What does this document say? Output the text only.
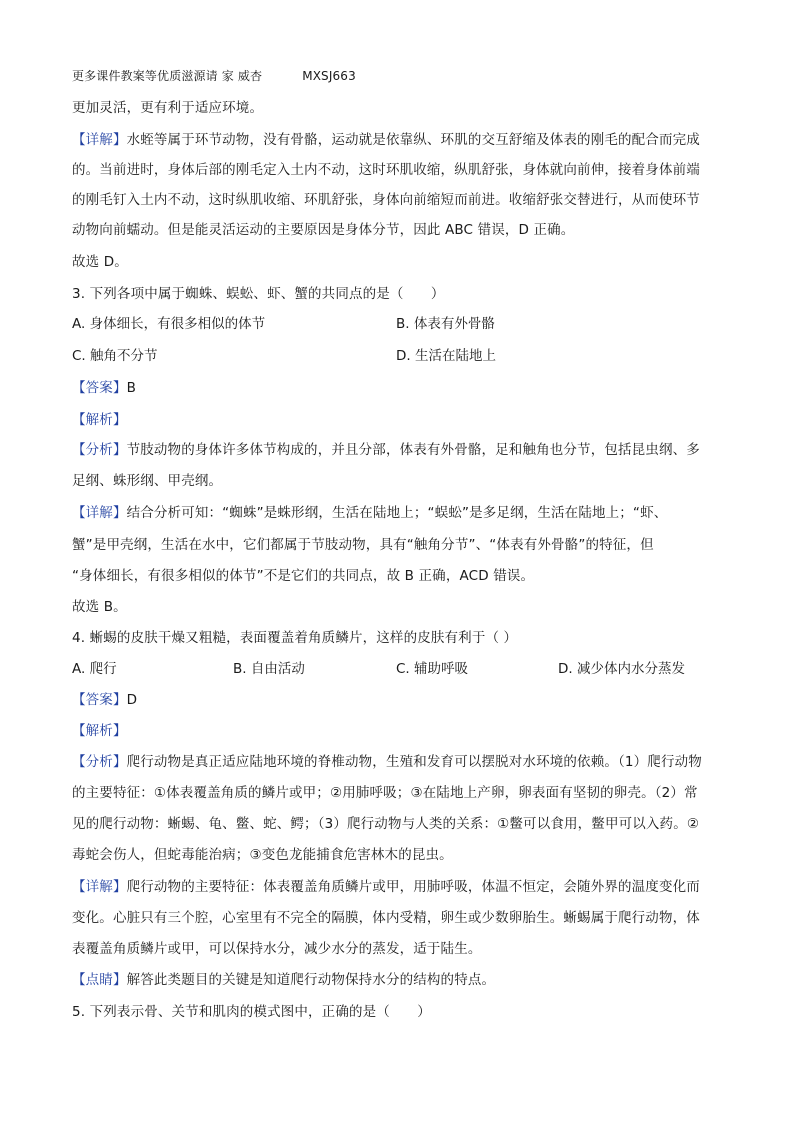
更多课件教案等优质滋源请 家 威杏	MXSJ663
更加灵活，更有利于适应环境。
【详解】水蛭等属于环节动物，没有骨骼，运动就是依靠纵、环肌的交互舒缩及体表的刚毛的配合而完成
的。当前进时，身体后部的刚毛定入土内不动，这时环肌收缩，纵肌舒张，身体就向前伸，接着身体前端
的刚毛钉入土内不动，这时纵肌收缩、环肌舒张，身体向前缩短而前进。收缩舒张交替进行，从而使环节
动物向前蠕动。但是能灵活运动的主要原因是身体分节，因此 ABC 错误，D 正确。
故选 D。
3. 下列各项中属于蜘蛛、蜈蚣、虾、蟹的共同点的是（　　）
A. 身体细长，有很多相似的体节	B. 体表有外骨骼
C. 触角不分节	D. 生活在陆地上
【答案】B
【解析】
【分析】节肢动物的身体许多体节构成的，并且分部，体表有外骨骼，足和触角也分节，包括昆虫纲、多
足纲、蛛形纲、甲壳纲。
【详解】结合分析可知：“蜘蛛”是蛛形纲，生活在陆地上；“蜈蚣”是多足纲，生活在陆地上；“虾、
蟹”是甲壳纲，生活在水中，它们都属于节肢动物，具有“触角分节”、“体表有外骨骼”的特征，但
“身体细长，有很多相似的体节”不是它们的共同点，故 B 正确，ACD 错误。
故选 B。
4. 蜥蜴的皮肤干燥又粗糙，表面覆盖着角质鳞片，这样的皮肤有利于（ ）
A. 爬行	B. 自由活动	C. 辅助呼吸	D. 减少体内水分蒸发
【答案】D
【解析】
【分析】爬行动物是真正适应陆地环境的脊椎动物，生殖和发育可以摆脱对水环境的依赖。（1）爬行动物
的主要特征：①体表覆盖角质的鳞片或甲；②用肺呼吸；③在陆地上产卵，卵表面有坚韧的卵壳。（2）常
见的爬行动物：蜥蜴、龟、鳖、蛇、鳄；（3）爬行动物与人类的关系：①鳖可以食用，鳖甲可以入药。②
毒蛇会伤人，但蛇毒能治病；③变色龙能捕食危害林木的昆虫。
【详解】爬行动物的主要特征：体表覆盖角质鳞片或甲，用肺呼吸，体温不恒定，会随外界的温度变化而
变化。心脏只有三个腔，心室里有不完全的隔膜，体内受精，卵生或少数卵胎生。蜥蜴属于爬行动物，体
表覆盖角质鳞片或甲，可以保持水分，减少水分的蒸发，适于陆生。
【点睛】解答此类题目的关键是知道爬行动物保持水分的结构的特点。
5. 下列表示骨、关节和肌肉的模式图中，正确的是（　　）
